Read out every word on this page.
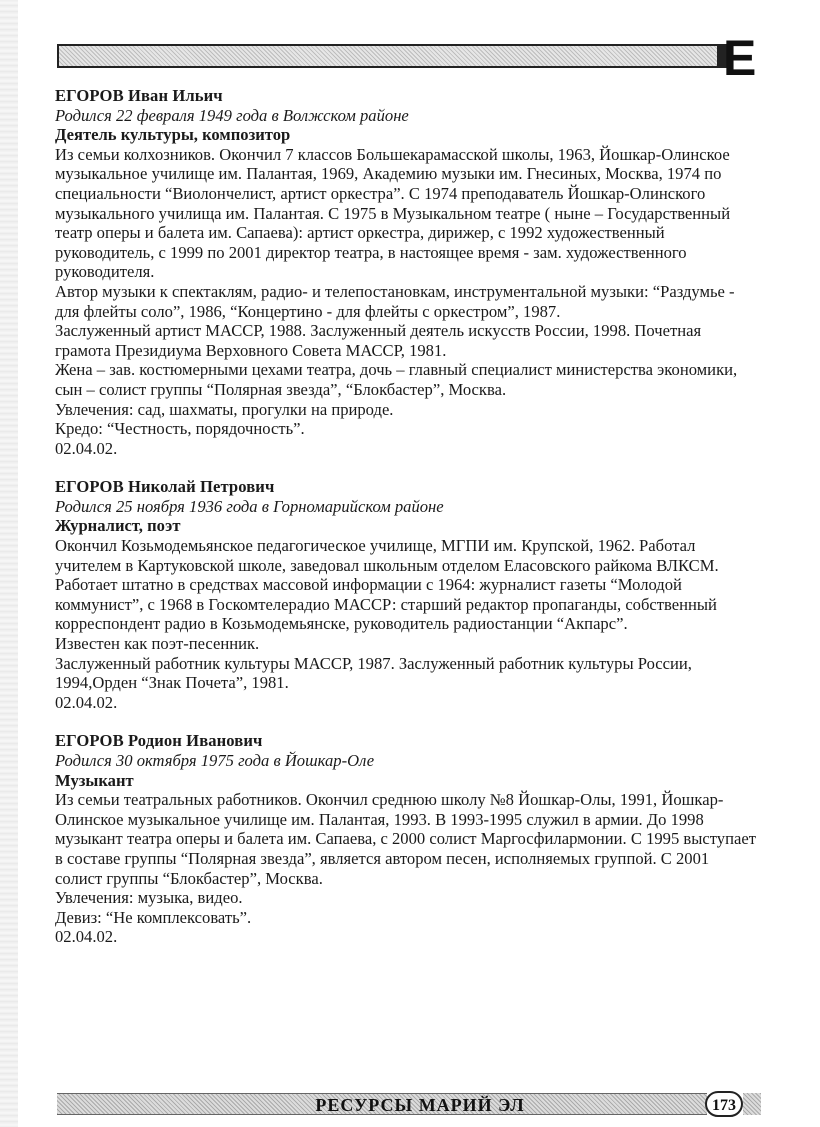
Е
ЕГОРОВ Иван Ильич
Родился 22 февраля 1949 года в Волжском районе
Деятель культуры, композитор

Из семьи колхозников. Окончил 7 классов Большекарамасской школы, 1963, Йошкар-Олинское музыкальное училище им. Палантая, 1969, Академию музыки им. Гнесиных, Москва, 1974 по специальности “Виолончелист, артист оркестра”. С 1974 преподаватель Йошкар-Олинского музыкального училища им. Палантая. С 1975 в Музыкальном театре ( ныне – Государственный театр оперы и балета им. Сапаева): артист оркестра, дирижер, с 1992 художественный руководитель, с 1999 по 2001 директор театра, в настоящее время - зам. художественного руководителя.

Автор музыки к спектаклям, радио- и телепостановкам, инструментальной музыки: “Раздумье - для флейты соло”, 1986, “Концертино - для флейты с оркестром”, 1987.

Заслуженный артист МАССР, 1988. Заслуженный деятель искусств России, 1998. Почетная грамота Президиума Верховного Совета МАССР, 1981.

Жена – зав. костюмерными цехами театра, дочь – главный специалист министерства экономики, сын – солист группы “Полярная звезда”, “Блокбастер”, Москва.

Увлечения: сад, шахматы, прогулки на природе.

Кредо: “Честность, порядочность”.

02.04.02.

ЕГОРОВ Николай Петрович
Родился 25 ноября 1936 года в Горномарийском районе
Журналист, поэт

Окончил Козьмодемьянское педагогическое училище, МГПИ им. Крупской, 1962. Работал учителем в Картуковской школе, заведовал школьным отделом Еласовского райкома ВЛКСМ. Работает штатно в средствах массовой информации с 1964: журналист газеты “Молодой коммунист”, с 1968 в Госкомтелерадио МАССР: старший редактор пропаганды, собственный корреспондент радио в Козьмодемьянске, руководитель радиостанции “Акпарс”.

Известен как поэт-песенник.

Заслуженный работник культуры МАССР, 1987. Заслуженный работник культуры России, 1994,Орден “Знак Почета”, 1981.

02.04.02.

ЕГОРОВ Родион Иванович
Родился 30 октября 1975 года в Йошкар-Оле
Музыкант

Из семьи театральных работников. Окончил среднюю школу №8 Йошкар-Олы, 1991, Йошкар-Олинское музыкальное училище им. Палантая, 1993. В 1993-1995 служил в армии. До 1998 музыкант театра оперы и балета им. Сапаева, с 2000 солист Маргосфилармонии. С 1995 выступает в составе группы “Полярная звезда”, является автором песен, исполняемых группой. С 2001 солист группы “Блокбастер”, Москва.

Увлечения: музыка, видео.

Девиз: “Не комплексовать”.

02.04.02.

РЕСУРСЫ МАРИЙ ЭЛ	173
